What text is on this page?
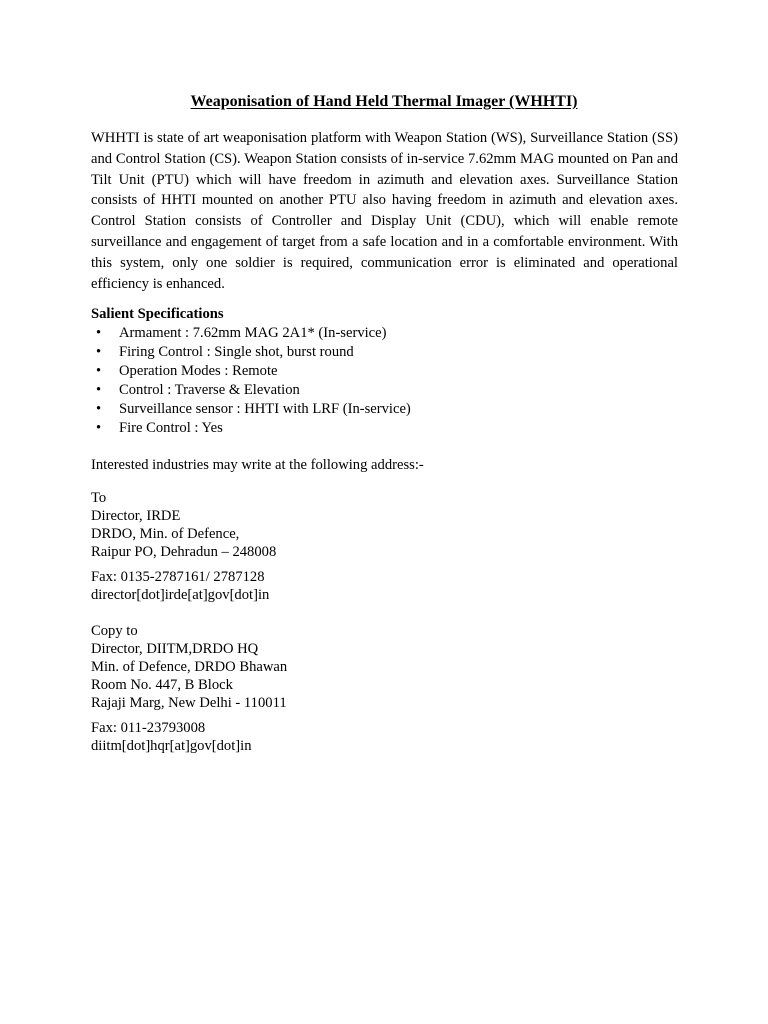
Weaponisation of Hand Held Thermal Imager (WHHTI)

WHHTI is state of art weaponisation platform with Weapon Station (WS), Surveillance Station (SS) and Control Station (CS). Weapon Station consists of in-service 7.62mm MAG mounted on Pan and Tilt Unit (PTU) which will have freedom in azimuth and elevation axes. Surveillance Station consists of HHTI mounted on another PTU also having freedom in azimuth and elevation axes. Control Station consists of Controller and Display Unit (CDU), which will enable remote surveillance and engagement of target from a safe location and in a comfortable environment. With this system, only one soldier is required, communication error is eliminated and operational efficiency is enhanced.

Salient Specifications

• Armament : 7.62mm MAG 2A1* (In-service)
• Firing Control : Single shot, burst round
• Operation Modes : Remote
• Control : Traverse & Elevation
• Surveillance sensor : HHTI with LRF (In-service)
• Fire Control : Yes

Interested industries may write at the following address:-

To
Director, IRDE
DRDO, Min. of Defence,
Raipur PO, Dehradun – 248008
Fax: 0135-2787161/ 2787128
director[dot]irde[at]gov[dot]in
Copy to
Director, DIITM,DRDO HQ
Min. of Defence, DRDO Bhawan
Room No. 447, B Block
Rajaji Marg, New Delhi - 110011
Fax: 011-23793008
diitm[dot]hqr[at]gov[dot]in
